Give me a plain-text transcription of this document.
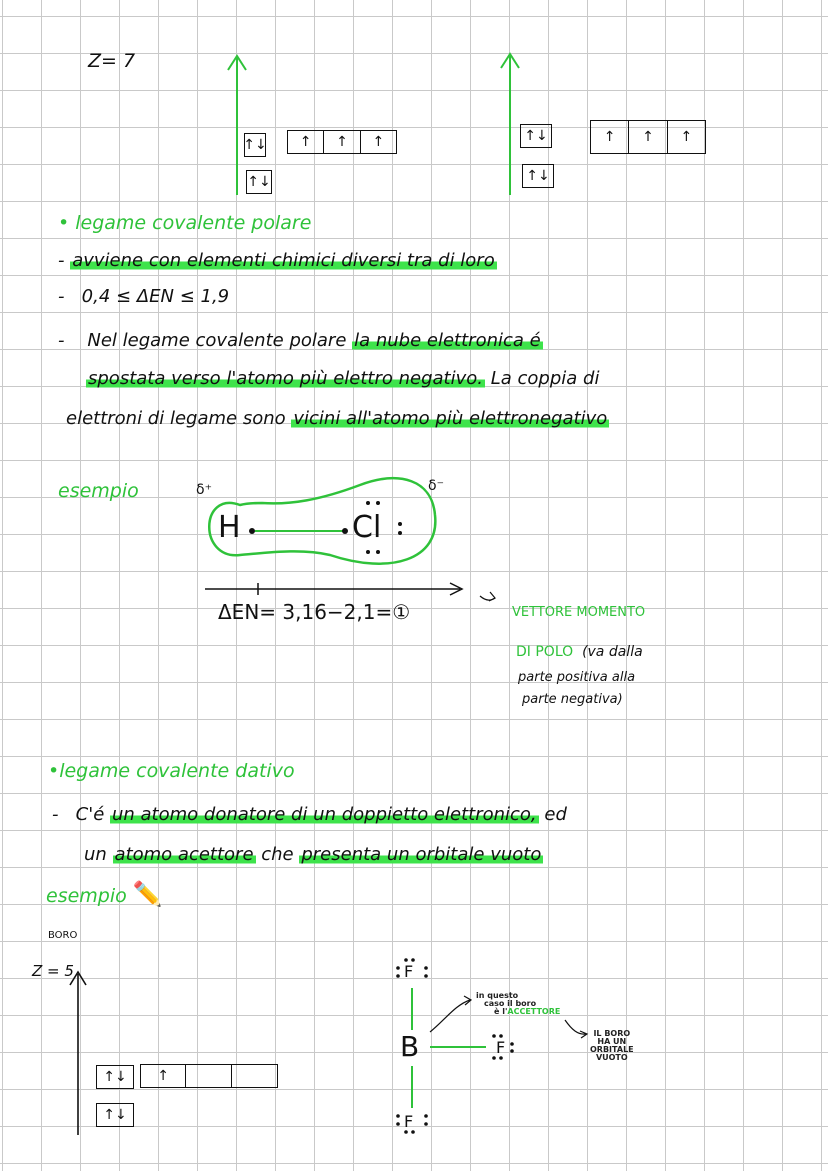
Z= 7
↑↓	↑	↑	↑
↑↓
↑↓	↑	↑	↑
↑↓
• legame covalente polare
- avviene con elementi chimici diversi tra di loro
-   0,4 ≤ ΔEN ≤ 1,9
-    Nel legame covalente polare la nube elettronica é
spostata verso l'atomo più elettro negativo. La coppia di
elettroni di legame sono vicini all'atomo più elettronegativo
esempio	δ⁺	δ⁻
H	Cl
ΔEN= 3,16−2,1=①	VETTORE MOMENTO
DI POLO (va dalla
parte positiva alla
parte negativa)
•legame covalente dativo
-   C'é un atomo donatore di un doppietto elettronico, ed
un atomo acettore che presenta un orbitale vuoto
esempio ✏️
BORO
Z = 5
↑↓	↑
↑↓
F
B	F
F
in questo
caso il boro
è l'ACCETTORE
IL BORO
HA UN
ORBITALE
VUOTO
